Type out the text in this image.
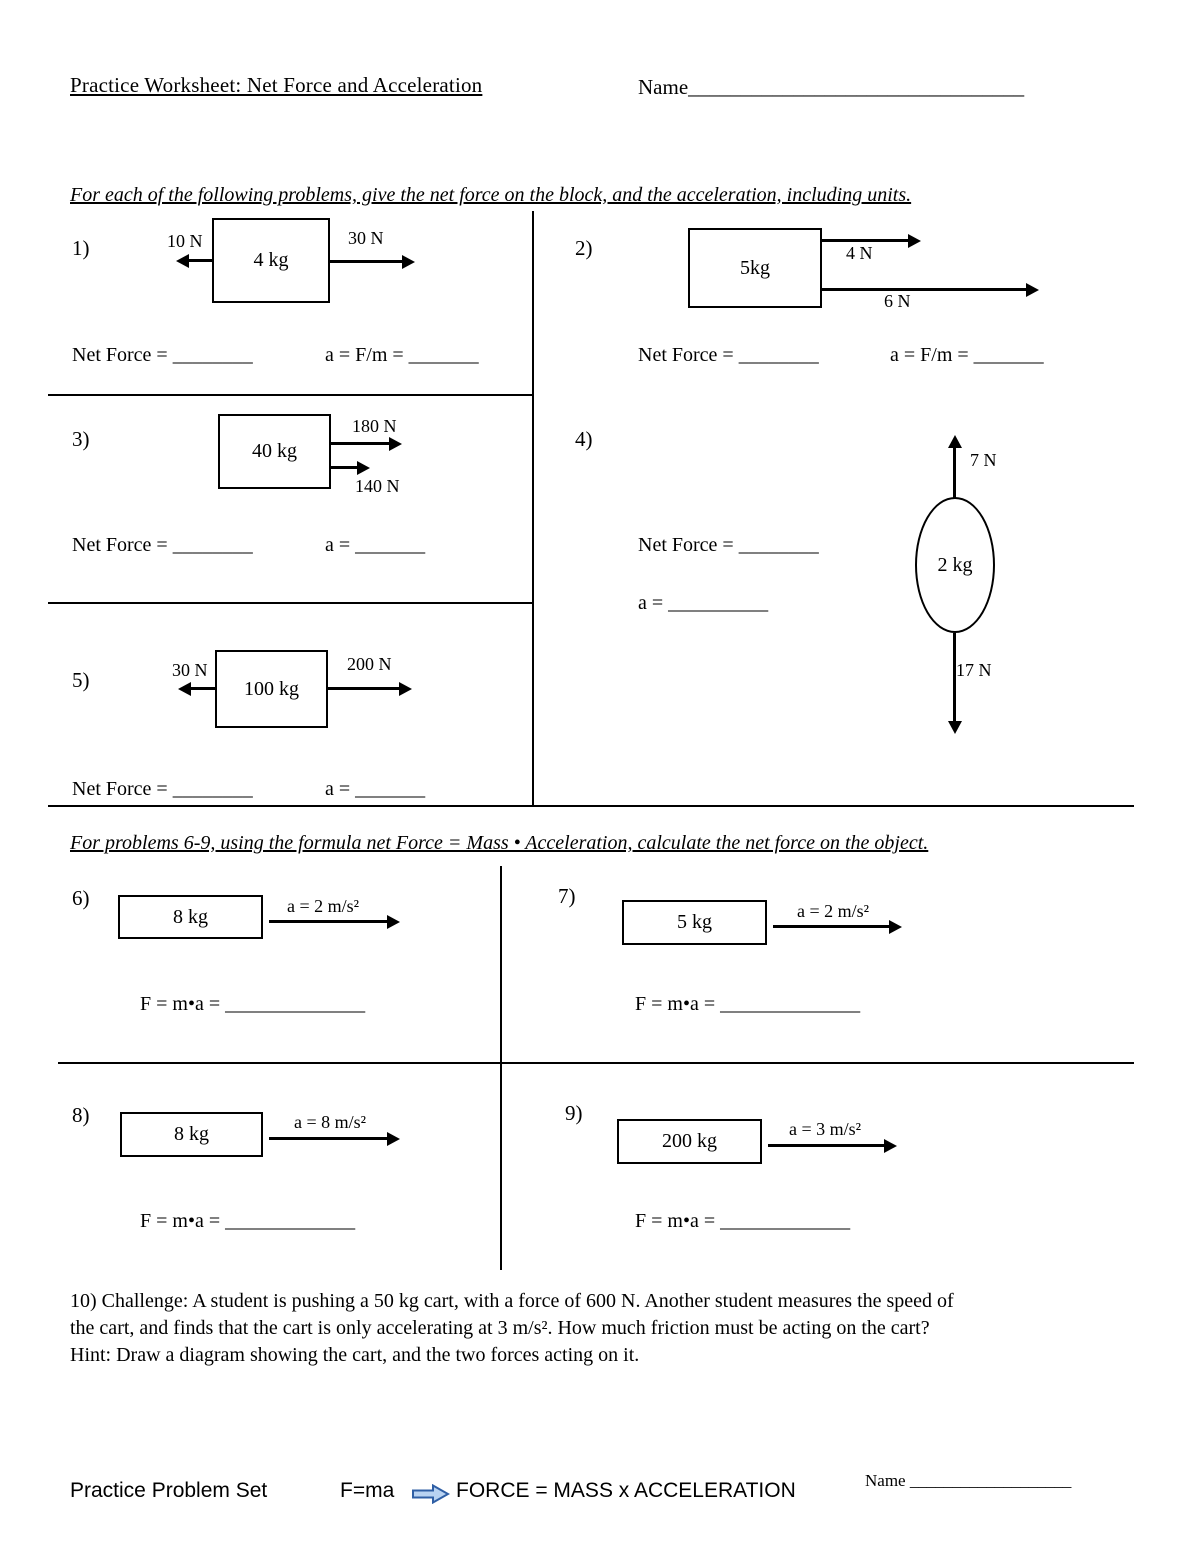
Practice Worksheet: Net Force and Acceleration	Name________________________________
For each of the following problems, give the net force on the block, and the acceleration, including units.
1)	10 N
4 kg
30 N
Net Force = ________	a = F/m = _______
2)
5kg
4 N
6 N
Net Force = ________	a = F/m = _______
3)	40 kg
180 N
140 N
Net Force = ________	a = _______
4)
7 N
2 kg
17 N
Net Force = ________
a = __________
5)	30 N
100 kg
200 N
Net Force = ________	a = _______
For problems 6-9, using the formula net Force = Mass • Acceleration, calculate the net force on the object.
6)
8 kg	a = 2 m/s²
F = m•a = ______________
7)
5 kg	a = 2 m/s²
F = m•a = ______________
8)
8 kg
a = 8 m/s²
F = m•a = _____________
9)
200 kg
a = 3 m/s²
F = m•a = _____________
10) Challenge: A student is pushing a 50 kg cart, with a force of 600 N. Another student measures the speed of
the cart, and finds that the cart is only accelerating at 3 m/s². How much friction must be acting on the cart?
Hint: Draw a diagram showing the cart, and the two forces acting on it.
Practice Problem Set	F=ma	FORCE = MASS x ACCELERATION	Name ___________________
